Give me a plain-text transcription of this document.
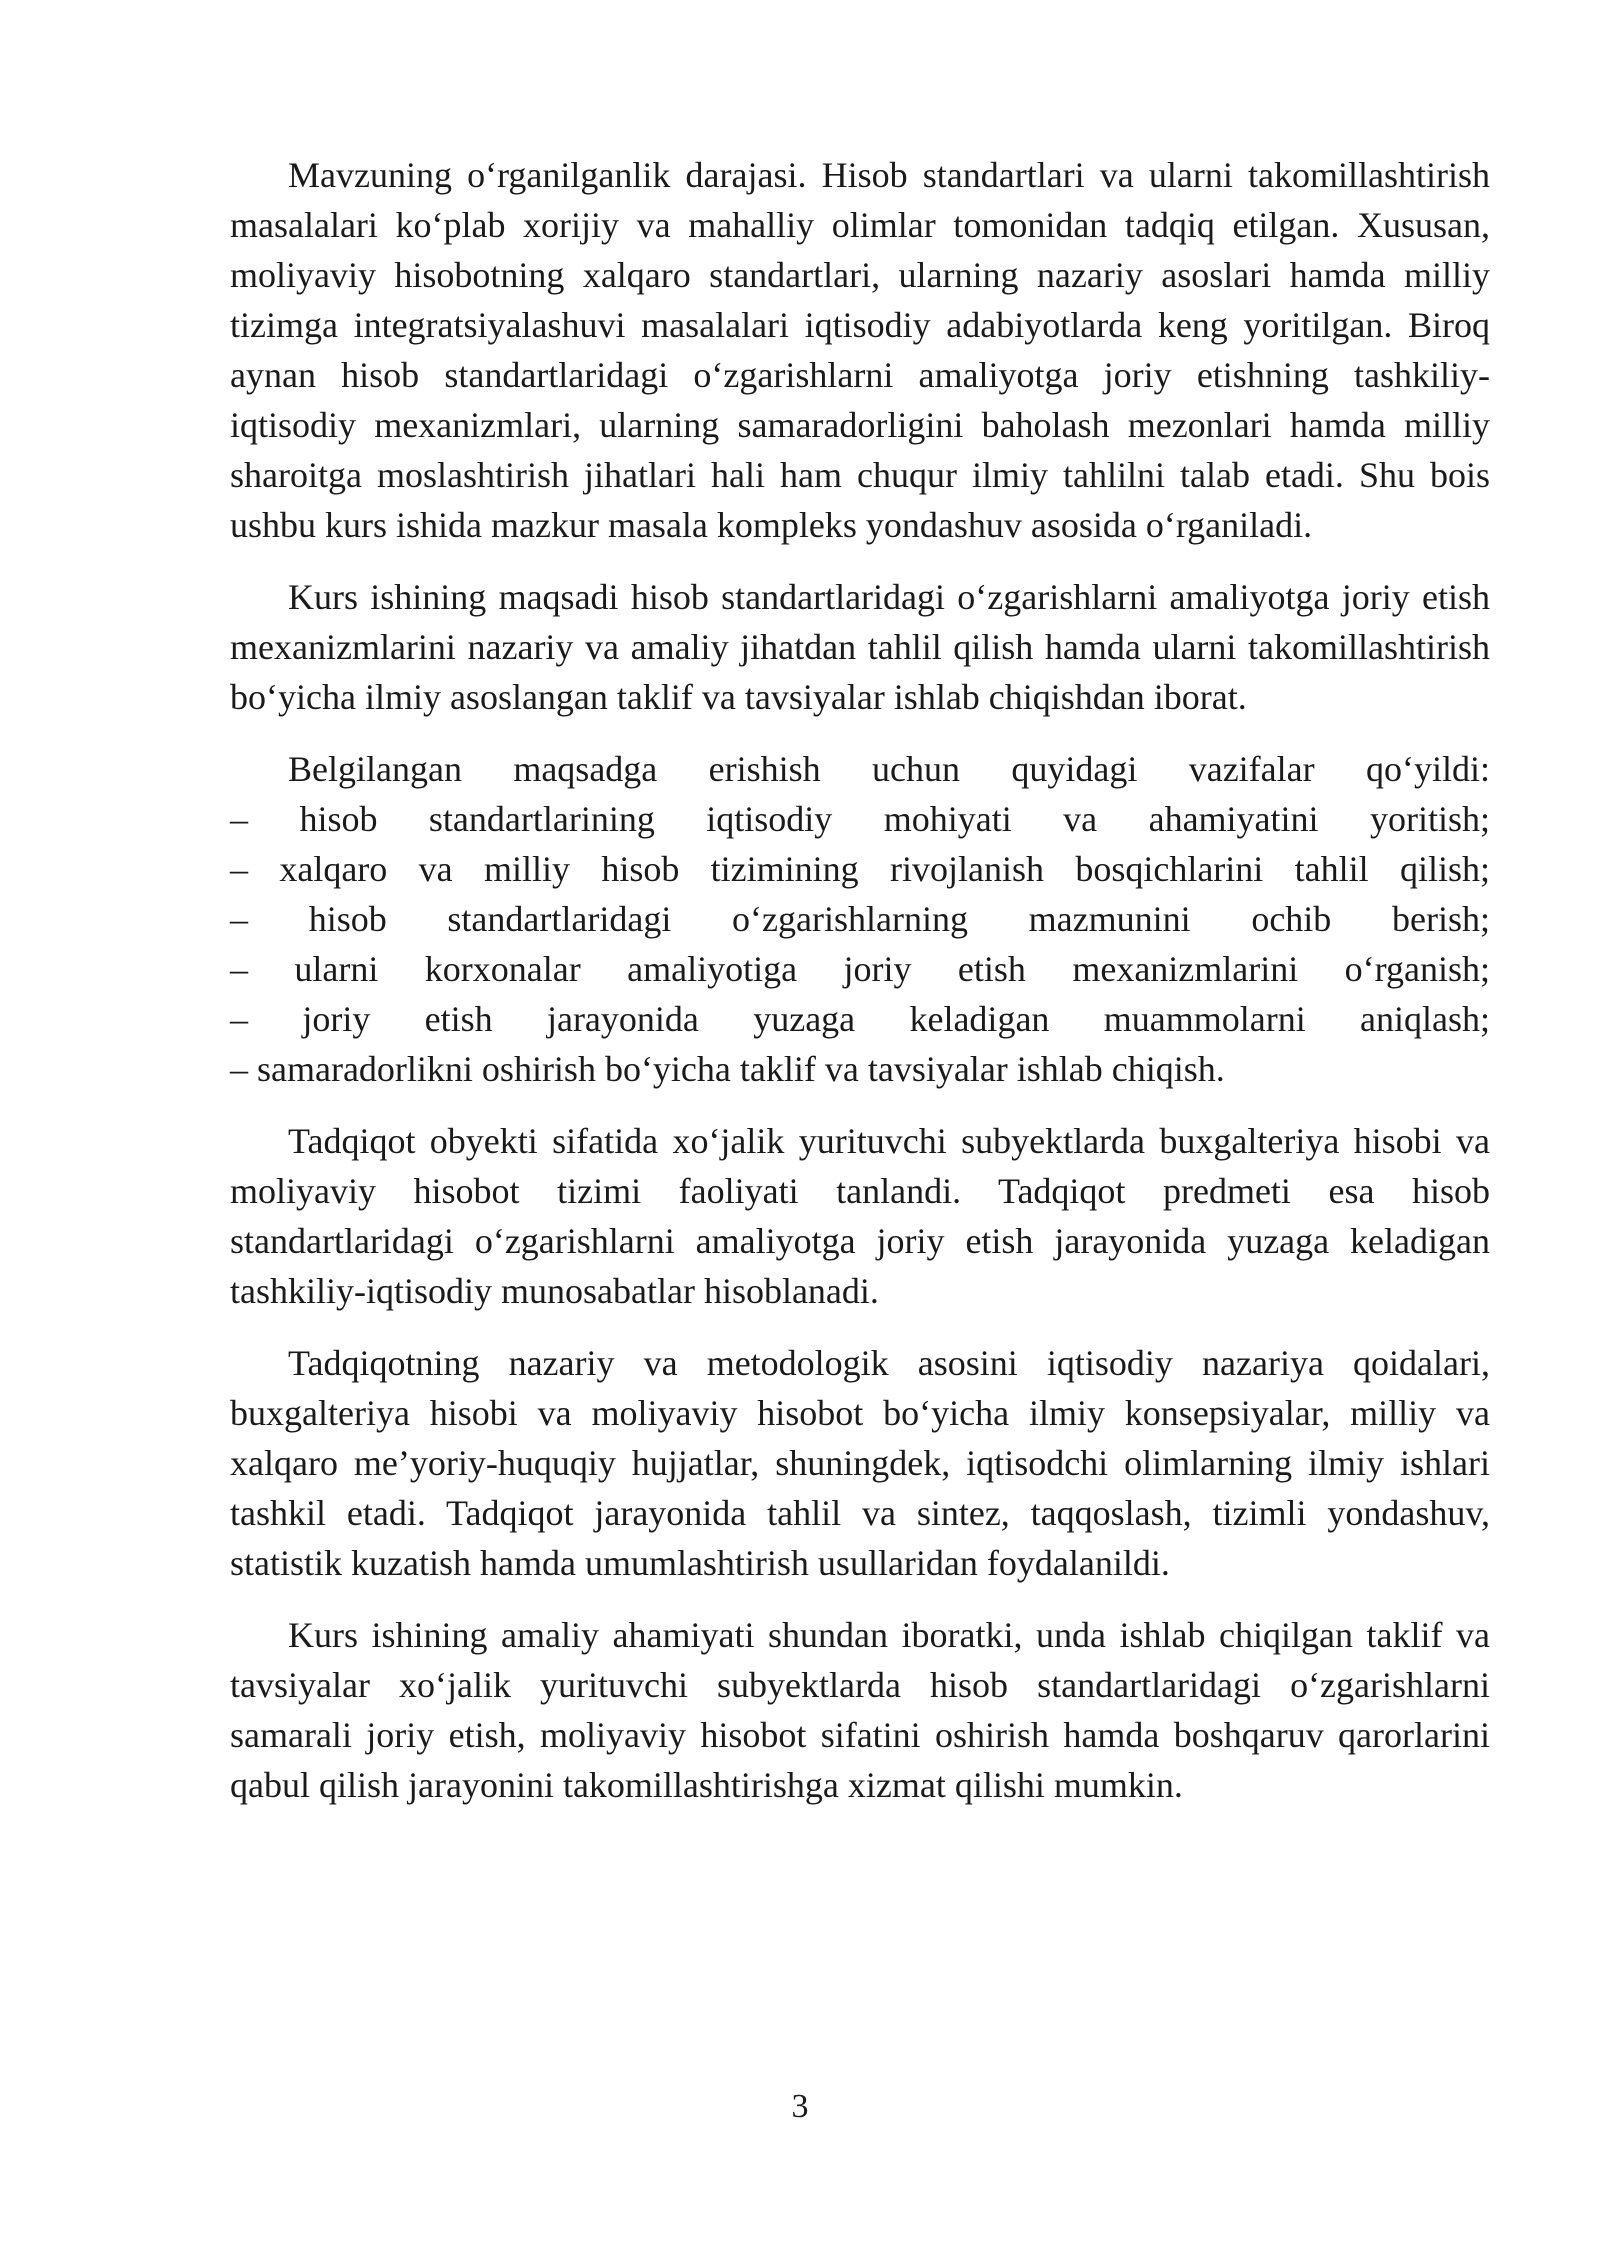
Mavzuning o‘rganilganlik darajasi. Hisob standartlari va ularni takomillashtirish masalalari ko‘plab xorijiy va mahalliy olimlar tomonidan tadqiq etilgan. Xususan, moliyaviy hisobotning xalqaro standartlari, ularning nazariy asoslari hamda milliy tizimga integratsiyalashuvi masalalari iqtisodiy adabiyotlarda keng yoritilgan. Biroq aynan hisob standartlaridagi o‘zgarishlarni amaliyotga joriy etishning tashkiliy-iqtisodiy mexanizmlari, ularning samaradorligini baholash mezonlari hamda milliy sharoitga moslashtirish jihatlari hali ham chuqur ilmiy tahlilni talab etadi. Shu bois ushbu kurs ishida mazkur masala kompleks yondashuv asosida o‘rganiladi.

Kurs ishining maqsadi hisob standartlaridagi o‘zgarishlarni amaliyotga joriy etish mexanizmlarini nazariy va amaliy jihatdan tahlil qilish hamda ularni takomillashtirish bo‘yicha ilmiy asoslangan taklif va tavsiyalar ishlab chiqishdan iborat.

Belgilangan maqsadga erishish uchun quyidagi vazifalar qo‘yildi:

– hisob standartlarining iqtisodiy mohiyati va ahamiyatini yoritish;

– xalqaro va milliy hisob tizimining rivojlanish bosqichlarini tahlil qilish;

– hisob standartlaridagi o‘zgarishlarning mazmunini ochib berish;

– ularni korxonalar amaliyotiga joriy etish mexanizmlarini o‘rganish;

– joriy etish jarayonida yuzaga keladigan muammolarni aniqlash;

– samaradorlikni oshirish bo‘yicha taklif va tavsiyalar ishlab chiqish.

Tadqiqot obyekti sifatida xo‘jalik yurituvchi subyektlarda buxgalteriya hisobi va moliyaviy hisobot tizimi faoliyati tanlandi. Tadqiqot predmeti esa hisob standartlaridagi o‘zgarishlarni amaliyotga joriy etish jarayonida yuzaga keladigan tashkiliy-iqtisodiy munosabatlar hisoblanadi.

Tadqiqotning nazariy va metodologik asosini iqtisodiy nazariya qoidalari, buxgalteriya hisobi va moliyaviy hisobot bo‘yicha ilmiy konsepsiyalar, milliy va xalqaro me’yoriy-huquqiy hujjatlar, shuningdek, iqtisodchi olimlarning ilmiy ishlari tashkil etadi. Tadqiqot jarayonida tahlil va sintez, taqqoslash, tizimli yondashuv, statistik kuzatish hamda umumlashtirish usullaridan foydalanildi.

Kurs ishining amaliy ahamiyati shundan iboratki, unda ishlab chiqilgan taklif va tavsiyalar xo‘jalik yurituvchi subyektlarda hisob standartlaridagi o‘zgarishlarni samarali joriy etish, moliyaviy hisobot sifatini oshirish hamda boshqaruv qarorlarini qabul qilish jarayonini takomillashtirishga xizmat qilishi mumkin.

3
